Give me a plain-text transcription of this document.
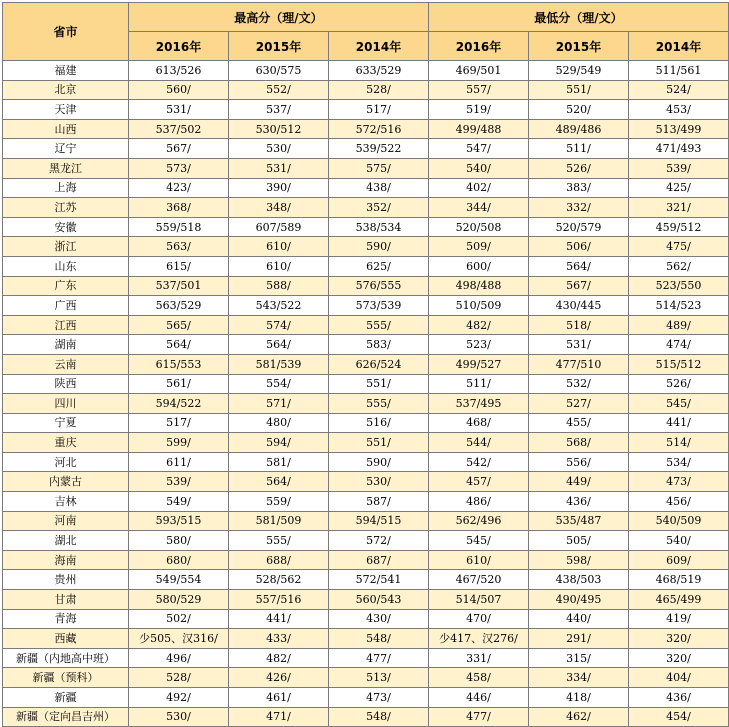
省市	最高分（理/文）			最低分（理/文）		
	2016年	2015年	2014年	2016年	2015年	2014年
福建	613/526	630/575	633/529	469/501	529/549	511/561
北京	560/	552/	528/	557/	551/	524/
天津	531/	537/	517/	519/	520/	453/
山西	537/502	530/512	572/516	499/488	489/486	513/499
辽宁	567/	530/	539/522	547/	511/	471/493
黑龙江	573/	531/	575/	540/	526/	539/
上海	423/	390/	438/	402/	383/	425/
江苏	368/	348/	352/	344/	332/	321/
安徽	559/518	607/589	538/534	520/508	520/579	459/512
浙江	563/	610/	590/	509/	506/	475/
山东	615/	610/	625/	600/	564/	562/
广东	537/501	588/	576/555	498/488	567/	523/550
广西	563/529	543/522	573/539	510/509	430/445	514/523
江西	565/	574/	555/	482/	518/	489/
湖南	564/	564/	583/	523/	531/	474/
云南	615/553	581/539	626/524	499/527	477/510	515/512
陕西	561/	554/	551/	511/	532/	526/
四川	594/522	571/	555/	537/495	527/	545/
宁夏	517/	480/	516/	468/	455/	441/
重庆	599/	594/	551/	544/	568/	514/
河北	611/	581/	590/	542/	556/	534/
内蒙古	539/	564/	530/	457/	449/	473/
吉林	549/	559/	587/	486/	436/	456/
河南	593/515	581/509	594/515	562/496	535/487	540/509
湖北	580/	555/	572/	545/	505/	540/
海南	680/	688/	687/	610/	598/	609/
贵州	549/554	528/562	572/541	467/520	438/503	468/519
甘肃	580/529	557/516	560/543	514/507	490/495	465/499
青海	502/	441/	430/	470/	440/	419/
西藏	少505、汉316/	433/	548/	少417、汉276/	291/	320/
新疆（内地高中班）	496/	482/	477/	331/	315/	320/
新疆（预科）	528/	426/	513/	458/	334/	404/
新疆	492/	461/	473/	446/	418/	436/
新疆（定向昌吉州）	530/	471/	548/	477/	462/	454/
